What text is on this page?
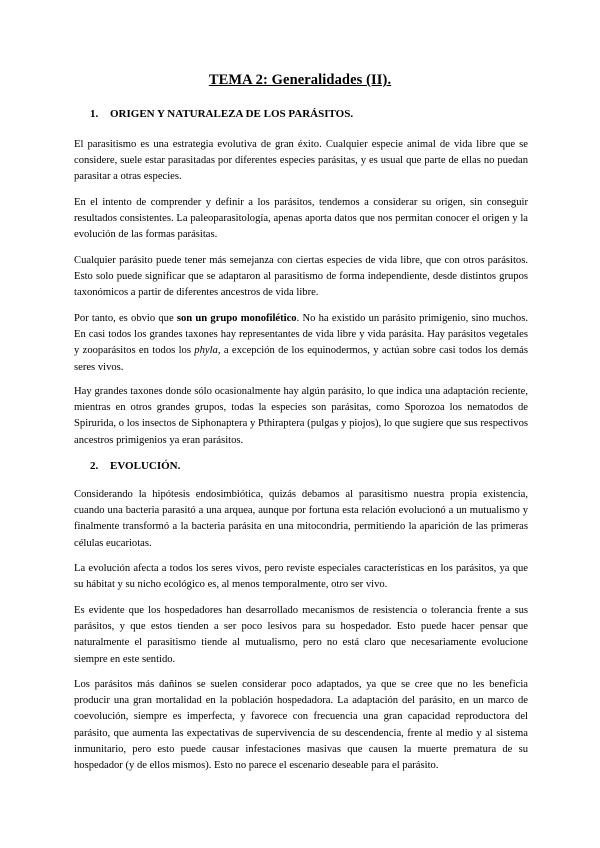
TEMA 2: Generalidades (II).
1. ORIGEN Y NATURALEZA DE LOS PARÁSITOS.

El parasitismo es una estrategia evolutiva de gran éxito. Cualquier especie animal de vida libre que se considere, suele estar parasitadas por diferentes especies parásitas, y es usual que parte de ellas no puedan parasitar a otras especies.

En el intento de comprender y definir a los parásitos, tendemos a considerar su origen, sin conseguir resultados consistentes. La paleoparasitología, apenas aporta datos que nos permitan conocer el origen y la evolución de las formas parásitas.

Cualquier parásito puede tener más semejanza con ciertas especies de vida libre, que con otros parásitos. Esto solo puede significar que se adaptaron al parasitismo de forma independiente, desde distintos grupos taxonómicos a partir de diferentes ancestros de vida libre.

Por tanto, es obvio que son un grupo monofilético. No ha existido un parásito primigenio, sino muchos. En casi todos los grandes taxones hay representantes de vida libre y vida parásita. Hay parásitos vegetales y zooparásitos en todos los phyla, a excepción de los equinodermos, y actúan sobre casi todos los demás seres vivos.

Hay grandes taxones donde sólo ocasionalmente hay algún parásito, lo que indica una adaptación reciente, mientras en otros grandes grupos, todas la especies son parásitas, como Sporozoa los nematodos de Spirurida, o los insectos de Siphonaptera y Pthiraptera (pulgas y piojos), lo que sugiere que sus respectivos ancestros primigenios ya eran parásitos.

2. EVOLUCIÓN.

Considerando la hipótesis endosimbiótica, quizás debamos al parasitismo nuestra propia existencia, cuando una bacteria parasitó a una arquea, aunque por fortuna esta relación evolucionó a un mutualismo y finalmente transformó a la bacteria parásita en una mitocondria, permitiendo la aparición de las primeras células eucariotas.

La evolución afecta a todos los seres vivos, pero reviste especiales características en los parásitos, ya que su hábitat y su nicho ecológico es, al menos temporalmente, otro ser vivo.

Es evidente que los hospedadores han desarrollado mecanismos de resistencia o tolerancia frente a sus parásitos, y que estos tienden a ser poco lesivos para su hospedador. Esto puede hacer pensar que naturalmente el parasitismo tiende al mutualismo, pero no está claro que necesariamente evolucione siempre en este sentido.

Los parásitos más dañinos se suelen considerar poco adaptados, ya que se cree que no les beneficia producir una gran mortalidad en la población hospedadora. La adaptación del parásito, en un marco de coevolución, siempre es imperfecta, y favorece con frecuencia una gran capacidad reproductora del parásito, que aumenta las expectativas de supervivencia de su descendencia, frente al medio y al sistema inmunitario, pero esto puede causar infestaciones masivas que causen la muerte prematura de su hospedador (y de ellos mismos). Esto no parece el escenario deseable para el parásito.
